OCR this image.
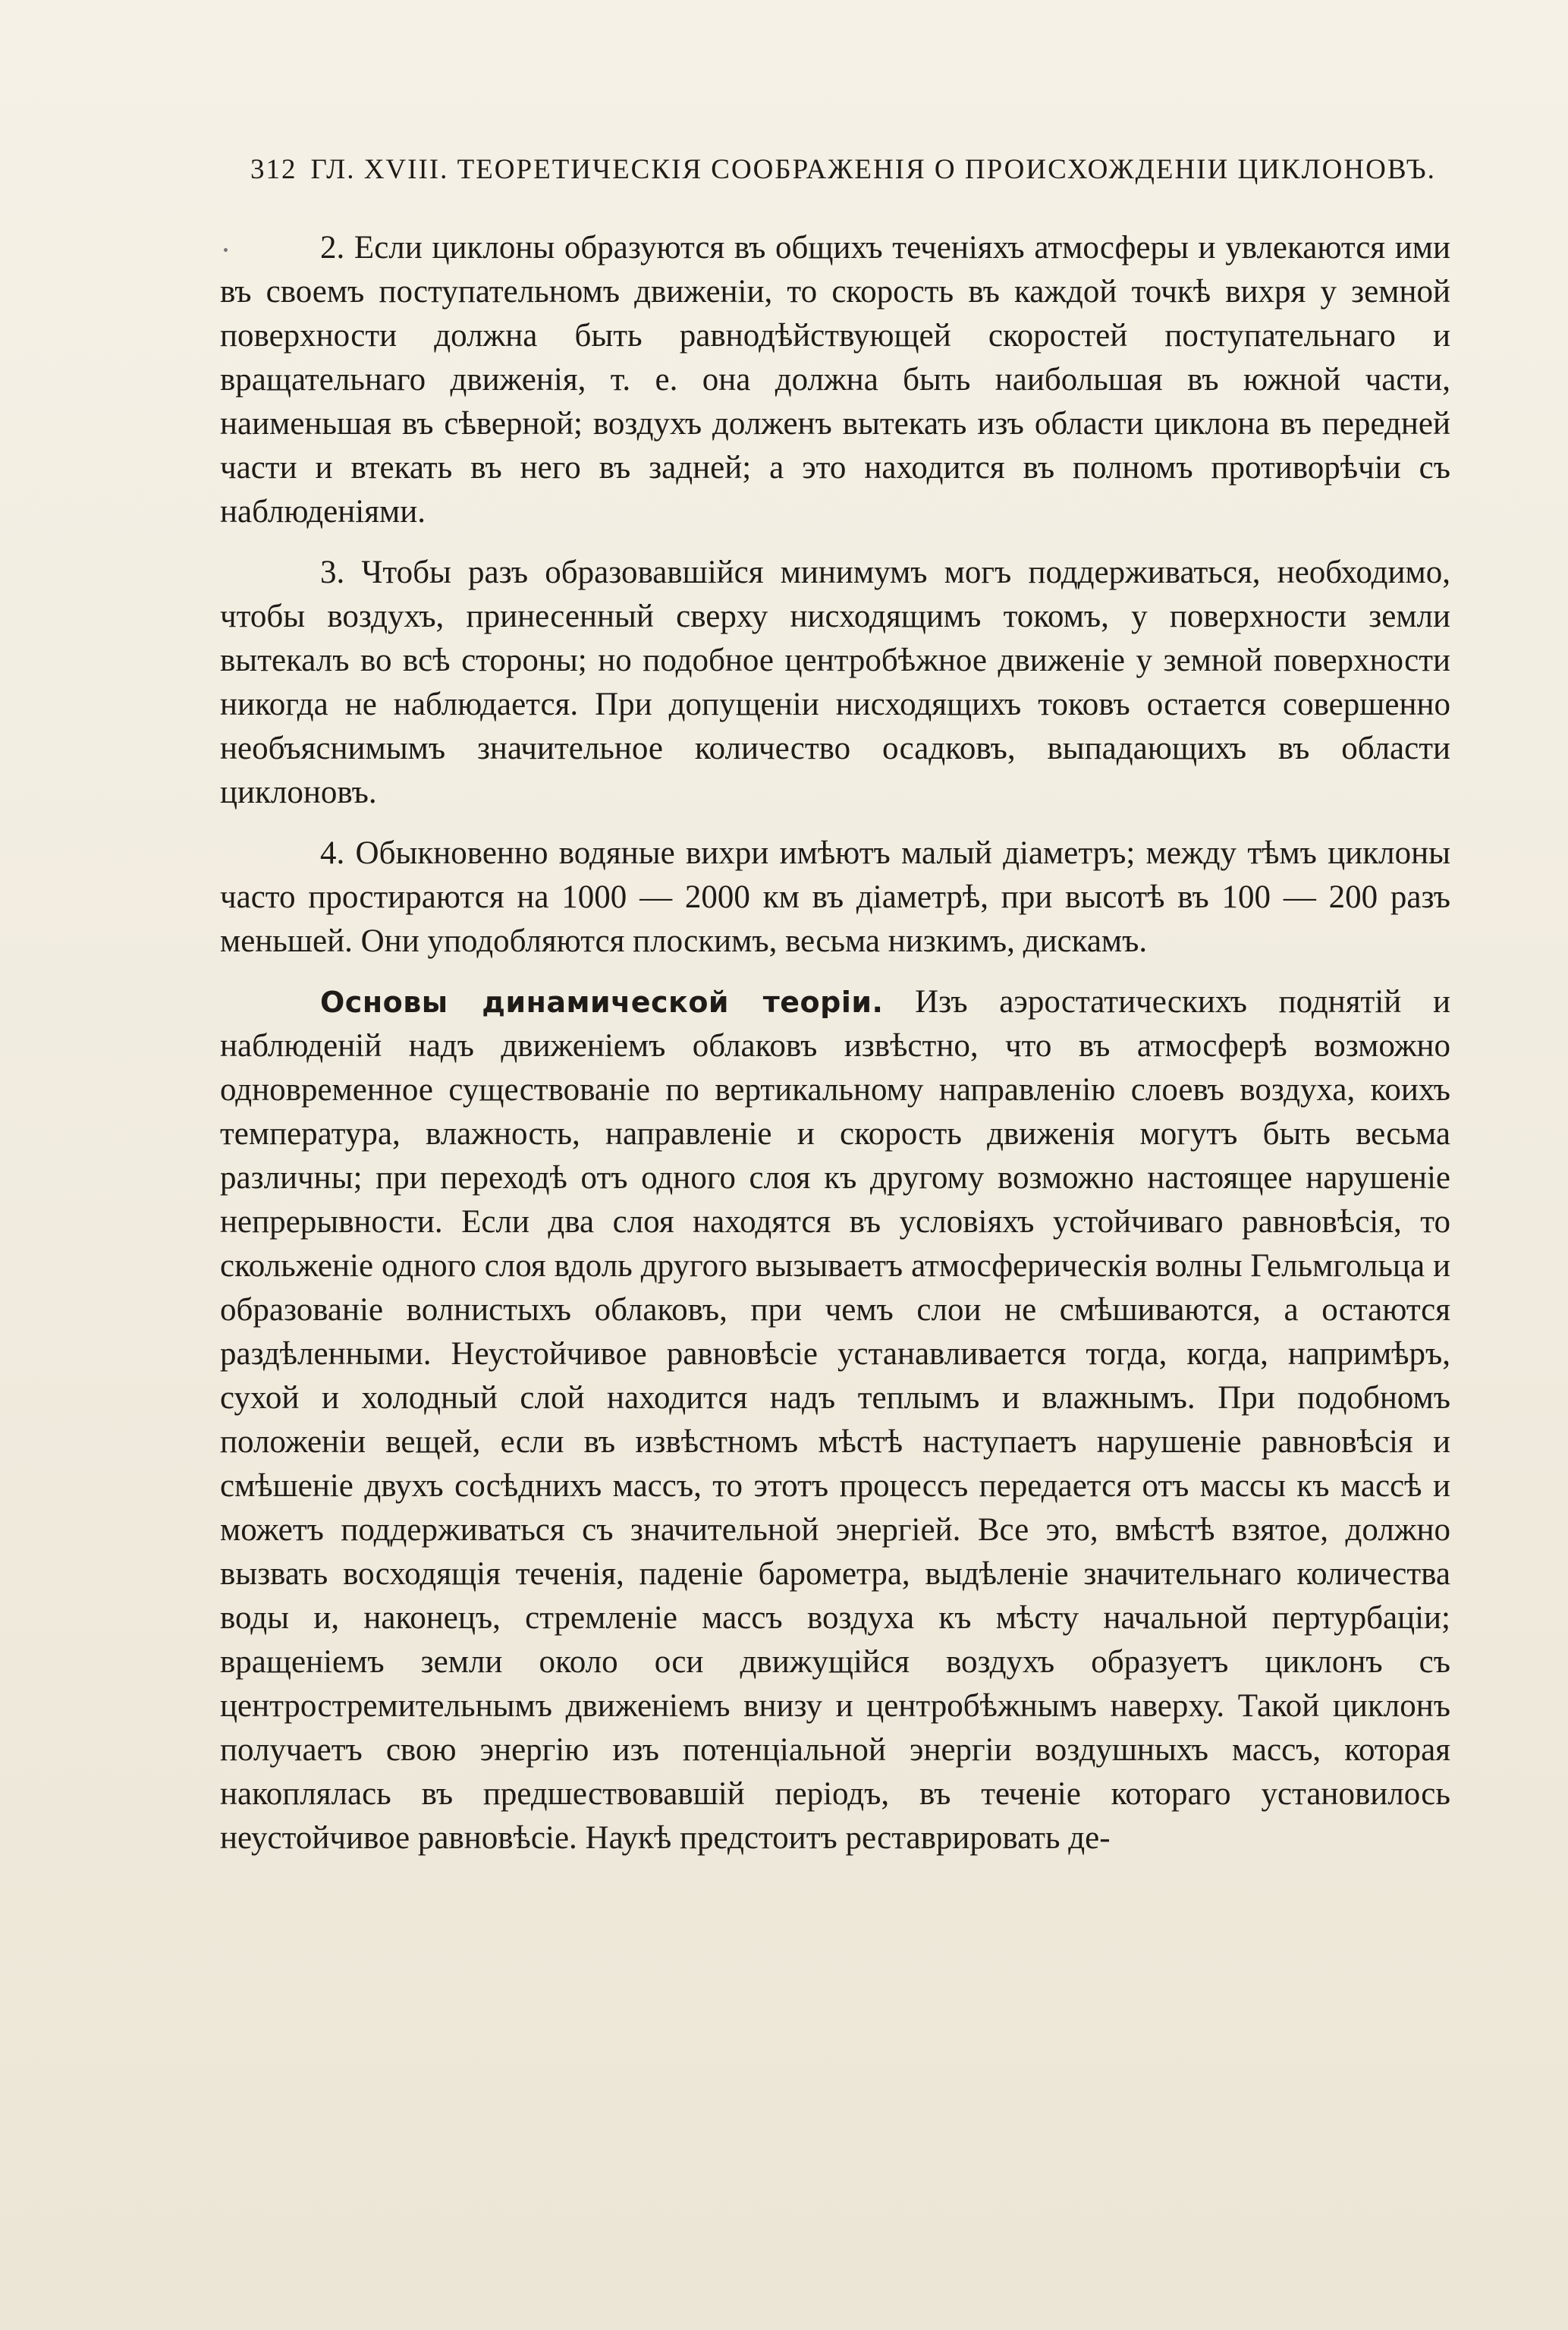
312 ГЛ. XVIII. ТЕОРЕТИЧЕСКІЯ СООБРАЖЕНІЯ О ПРОИСХОЖДЕНІИ ЦИКЛОНОВЪ.

2. Если циклоны образуются въ общихъ теченіяхъ атмосферы и увлекаются ими въ своемъ поступательномъ движеніи, то скорость въ каждой точкѣ вихря у земной поверхности должна быть равнодѣйствующей скоростей поступательнаго и вращательнаго движенія, т. е. она должна быть наибольшая въ южной части, наименьшая въ сѣверной; воздухъ долженъ вытекать изъ области циклона въ передней части и втекать въ него въ задней; а это находится въ полномъ противорѣчіи съ наблюденіями.

3. Чтобы разъ образовавшійся минимумъ могъ поддерживаться, необходимо, чтобы воздухъ, принесенный сверху нисходящимъ токомъ, у поверхности земли вытекалъ во всѣ стороны; но подобное центробѣжное движеніе у земной поверхности никогда не наблюдается. При допущеніи нисходящихъ токовъ остается совершенно необъяснимымъ значительное количество осадковъ, выпадающихъ въ области циклоновъ.

4. Обыкновенно водяные вихри имѣютъ малый діаметръ; между тѣмъ циклоны часто простираются на 1000 — 2000 км въ діаметрѣ, при высотѣ въ 100 — 200 разъ меньшей. Они уподобляются плоскимъ, весьма низкимъ, дискамъ.

Основы динамической теоріи. Изъ аэростатическихъ поднятій и наблюденій надъ движеніемъ облаковъ извѣстно, что въ атмосферѣ возможно одновременное существованіе по вертикальному направленію слоевъ воздуха, коихъ температура, влажность, направленіе и скорость движенія могутъ быть весьма различны; при переходѣ отъ одного слоя къ другому возможно настоящее нарушеніе непрерывности. Если два слоя находятся въ условіяхъ устойчиваго равновѣсія, то скольженіе одного слоя вдоль другого вызываетъ атмосферическія волны Гельмгольца и образованіе волнистыхъ облаковъ, при чемъ слои не смѣшиваются, а остаются раздѣленными. Неустойчивое равновѣсіе устанавливается тогда, когда, напримѣръ, сухой и холодный слой находится надъ теплымъ и влажнымъ. При подобномъ положеніи вещей, если въ извѣстномъ мѣстѣ наступаетъ нарушеніе равновѣсія и смѣшеніе двухъ сосѣднихъ массъ, то этотъ процессъ передается отъ массы къ массѣ и можетъ поддерживаться съ значительной энергіей. Все это, вмѣстѣ взятое, должно вызвать восходящія теченія, паденіе барометра, выдѣленіе значительнаго количества воды и, наконецъ, стремленіе массъ воздуха къ мѣсту начальной пертурбаціи; вращеніемъ земли около оси движущійся воздухъ образуетъ циклонъ съ центростремительнымъ движеніемъ внизу и центробѣжнымъ наверху. Такой циклонъ получаетъ свою энергію изъ потенціальной энергіи воздушныхъ массъ, которая накоплялась въ предшествовавшій періодъ, въ теченіе котораго установилось неустойчивое равновѣсіе. Наукѣ предстоитъ реставрировать де-
